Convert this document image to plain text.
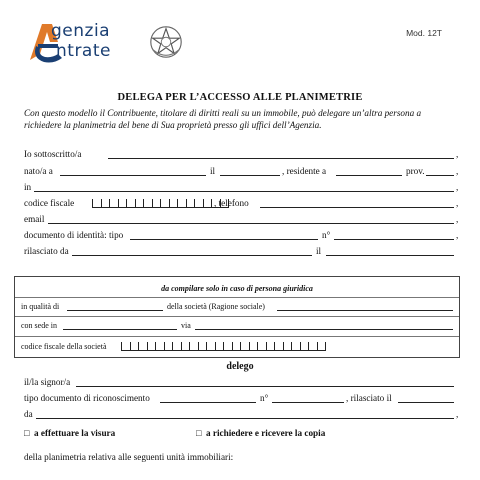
genzia
ntrate
Mod. 12T
DELEGA PER L’ACCESSO ALLE PLANIMETRIE
Con questo modello il Contribuente, titolare di diritti reali su un immobile, può delegare un’altra persona a richiedere la planimetria del bene di Sua proprietà presso gli uffici dell’Agenzia.
Io sottoscritto/a	,
nato/a a	il	, residente a	prov.	,
in	,
codice fiscale	, telefono	,
email	,
documento di identità: tipo	n°	,
rilasciato da	il
da compilare solo in caso di persona giuridica
in qualità di	della società (Ragione sociale)
con sede in	via
codice fiscale della società
delego
il/la signor/a
tipo documento di riconoscimento	n°	, rilasciato il
da	,
□ a effettuare la visura	□ a richiedere e ricevere la copia
della planimetria relativa alle seguenti unità immobiliari:
